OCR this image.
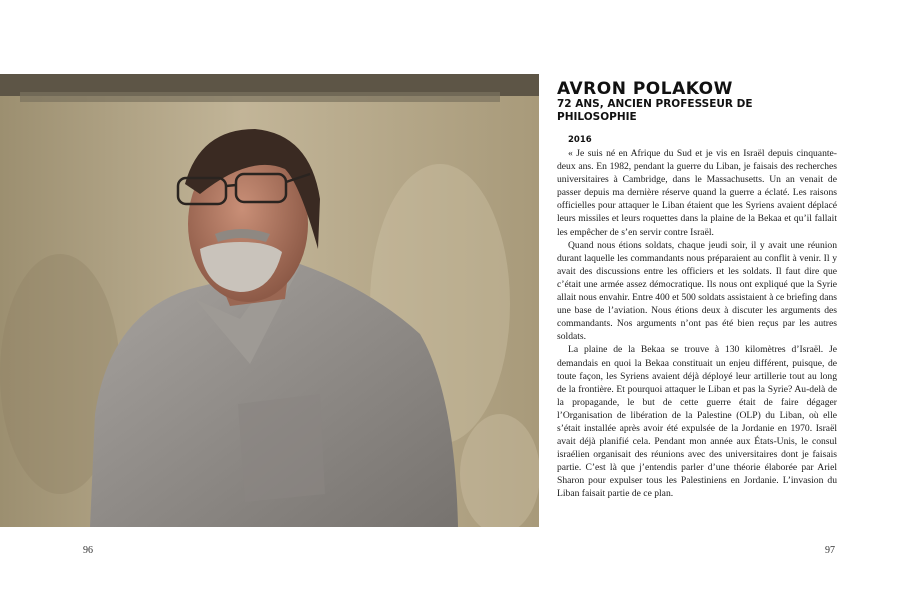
AVRON POLAKOW
72 ANS, ANCIEN PROFESSEUR DE PHILOSOPHIE
2016

« Je suis né en Afrique du Sud et je vis en Israël depuis cinquante-deux ans. En 1982, pendant la guerre du Liban, je faisais des recherches universitaires à Cambridge, dans le Massachusetts. Un an venait de passer depuis ma dernière réserve quand la guerre a éclaté. Les raisons officielles pour attaquer le Liban étaient que les Syriens avaient déplacé leurs missiles et leurs roquettes dans la plaine de la Bekaa et qu’il fallait les empêcher de s’en servir contre Israël.

Quand nous étions soldats, chaque jeudi soir, il y avait une réunion durant laquelle les commandants nous préparaient au conflit à venir. Il y avait des discussions entre les officiers et les soldats. Il faut dire que c’était une armée assez démocratique. Ils nous ont expliqué que la Syrie allait nous envahir. Entre 400 et 500 soldats assistaient à ce briefing dans une base de l’aviation. Nous étions deux à discuter les arguments des commandants. Nos arguments n’ont pas été bien reçus par les autres soldats.

La plaine de la Bekaa se trouve à 130 kilomètres d’Israël. Je demandais en quoi la Bekaa constituait un enjeu différent, puisque, de toute façon, les Syriens avaient déjà déployé leur artillerie tout au long de la frontière. Et pourquoi attaquer le Liban et pas la Syrie? Au-delà de la propagande, le but de cette guerre était de faire dégager l’Organisation de libération de la Palestine (OLP) du Liban, où elle s’était installée après avoir été expulsée de la Jordanie en 1970. Israël avait déjà planifié cela. Pendant mon année aux États-Unis, le consul israélien organisait des réunions avec des universitaires dont je faisais partie. C’est là que j’entendis parler d’une théorie élaborée par Ariel Sharon pour expulser tous les Palestiniens en Jordanie. L’invasion du Liban faisait partie de ce plan.

96	97
